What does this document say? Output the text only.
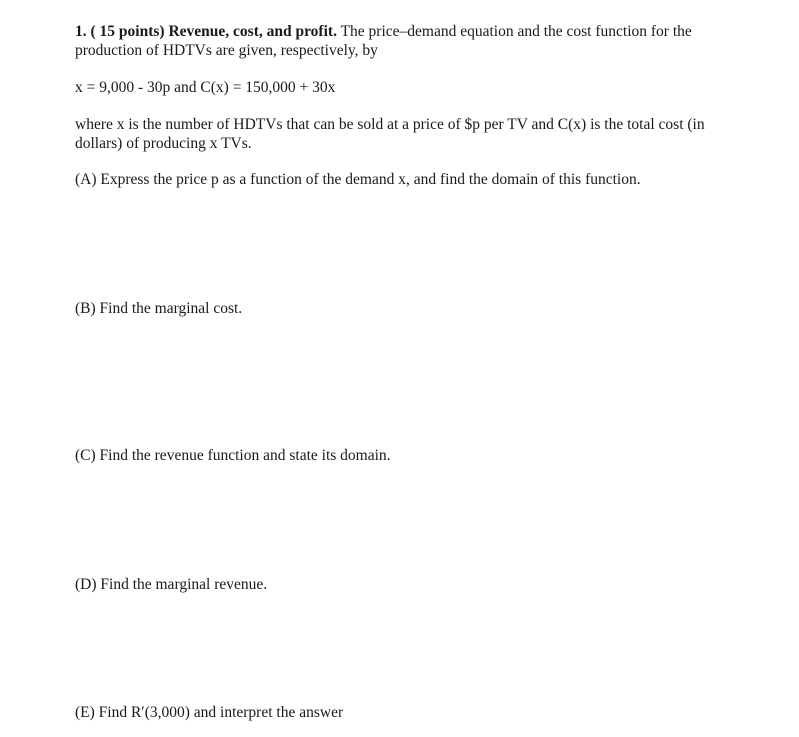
1. ( 15 points) Revenue, cost, and profit. The price–demand equation and the cost function for the

production of HDTVs are given, respectively, by

x = 9,000 - 30p and C(x) = 150,000 + 30x

where x is the number of HDTVs that can be sold at a price of $p per TV and C(x) is the total cost (in

dollars) of producing x TVs.

(A) Express the price p as a function of the demand x, and find the domain of this function.

(B) Find the marginal cost.

(C) Find the revenue function and state its domain.

(D) Find the marginal revenue.

(E) Find R′(3,000) and interpret the answer
